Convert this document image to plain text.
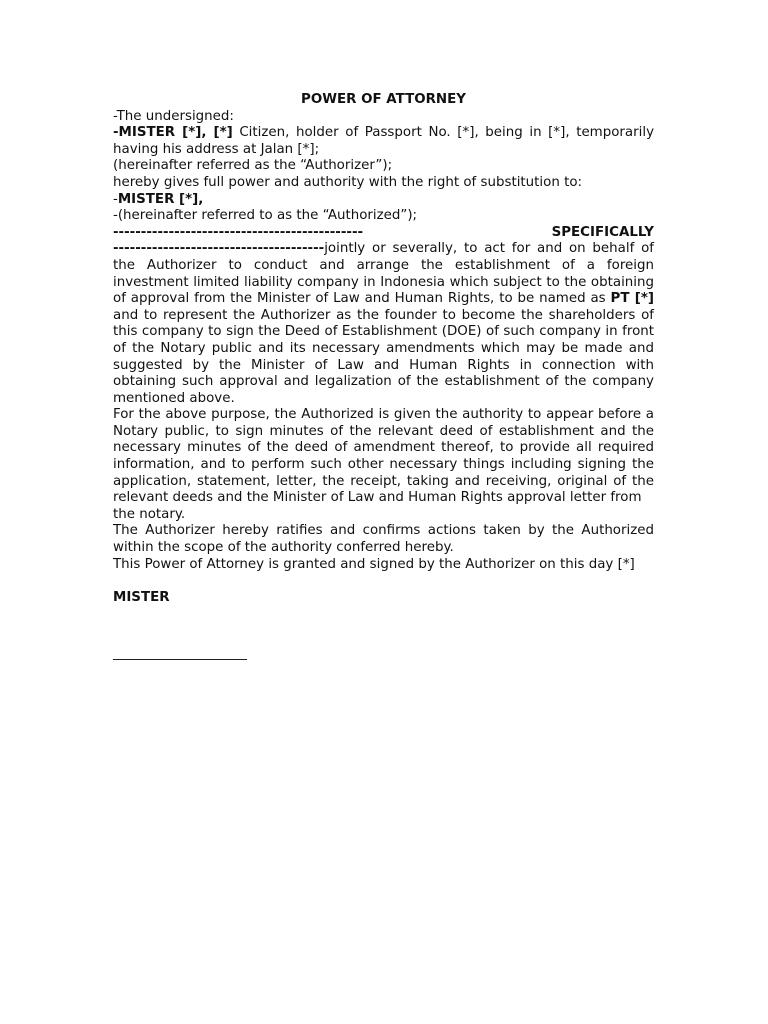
POWER OF ATTORNEY

-The undersigned:

-MISTER [*], [*] Citizen, holder of Passport No. [*], being in [*], temporarily having his address at Jalan [*];

(hereinafter referred as the “Authorizer”);

hereby gives full power and authority with the right of substitution to:

-MISTER [*],

-(hereinafter referred to as the “Authorized”);

---------------------------------------------	SPECIFICALLY

--------------------------------------jointly or severally, to act for and on behalf of the Authorizer to conduct and arrange the establishment of a foreign investment limited liability company in Indonesia which subject to the obtaining of approval from the Minister of Law and Human Rights, to be named as PT [*] and to represent the Authorizer as the founder to become the shareholders of this company to sign the Deed of Establishment (DOE) of such company in front of the Notary public and its necessary amendments which may be made and suggested by the Minister of Law and Human Rights in connection with obtaining such approval and legalization of the establishment of the company mentioned above.

For the above purpose, the Authorized is given the authority to appear before a Notary public, to sign minutes of the relevant deed of establishment and the necessary minutes of the deed of amendment thereof, to provide all required information, and to perform such other necessary things including signing the application, statement, letter, the receipt, taking and receiving, original of the relevant deeds and the Minister of Law and Human Rights approval letter from

the notary.

The Authorizer hereby ratifies and confirms actions taken by the Authorized within the scope of the authority conferred hereby.

This Power of Attorney is granted and signed by the Authorizer on this day [*]

MISTER

____________________
